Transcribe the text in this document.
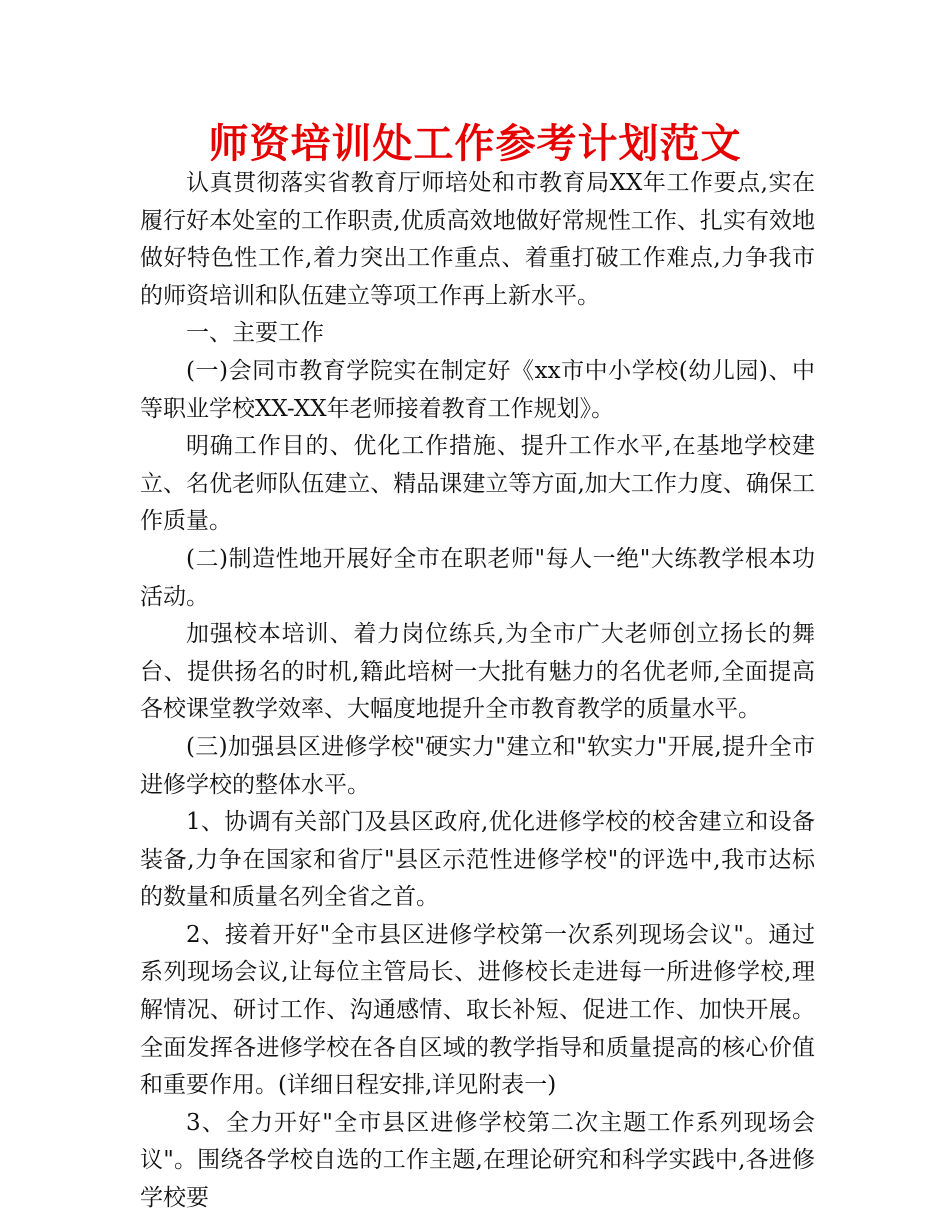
师资培训处工作参考计划范文

认真贯彻落实省教育厅师培处和市教育局XX年工作要点,实在履行好本处室的工作职责,优质高效地做好常规性工作、扎实有效地做好特色性工作,着力突出工作重点、着重打破工作难点,力争我市的师资培训和队伍建立等项工作再上新水平。

一、主要工作

(一)会同市教育学院实在制定好《xx市中小学校(幼儿园)、中等职业学校XX-XX年老师接着教育工作规划》。

明确工作目的、优化工作措施、提升工作水平,在基地学校建立、名优老师队伍建立、精品课建立等方面,加大工作力度、确保工作质量。

(二)制造性地开展好全市在职老师"每人一绝"大练教学根本功活动。

加强校本培训、着力岗位练兵,为全市广大老师创立扬长的舞台、提供扬名的时机,籍此培树一大批有魅力的名优老师,全面提高各校课堂教学效率、大幅度地提升全市教育教学的质量水平。

(三)加强县区进修学校"硬实力"建立和"软实力"开展,提升全市进修学校的整体水平。

1、协调有关部门及县区政府,优化进修学校的校舍建立和设备装备,力争在国家和省厅"县区示范性进修学校"的评选中,我市达标的数量和质量名列全省之首。

2、接着开好"全市县区进修学校第一次系列现场会议"。通过系列现场会议,让每位主管局长、进修校长走进每一所进修学校,理解情况、研讨工作、沟通感情、取长补短、促进工作、加快开展。全面发挥各进修学校在各自区域的教学指导和质量提高的核心价值和重要作用。(详细日程安排,详见附表一)

3、全力开好"全市县区进修学校第二次主题工作系列现场会议"。围绕各学校自选的工作主题,在理论研究和科学实践中,各进修学校要
